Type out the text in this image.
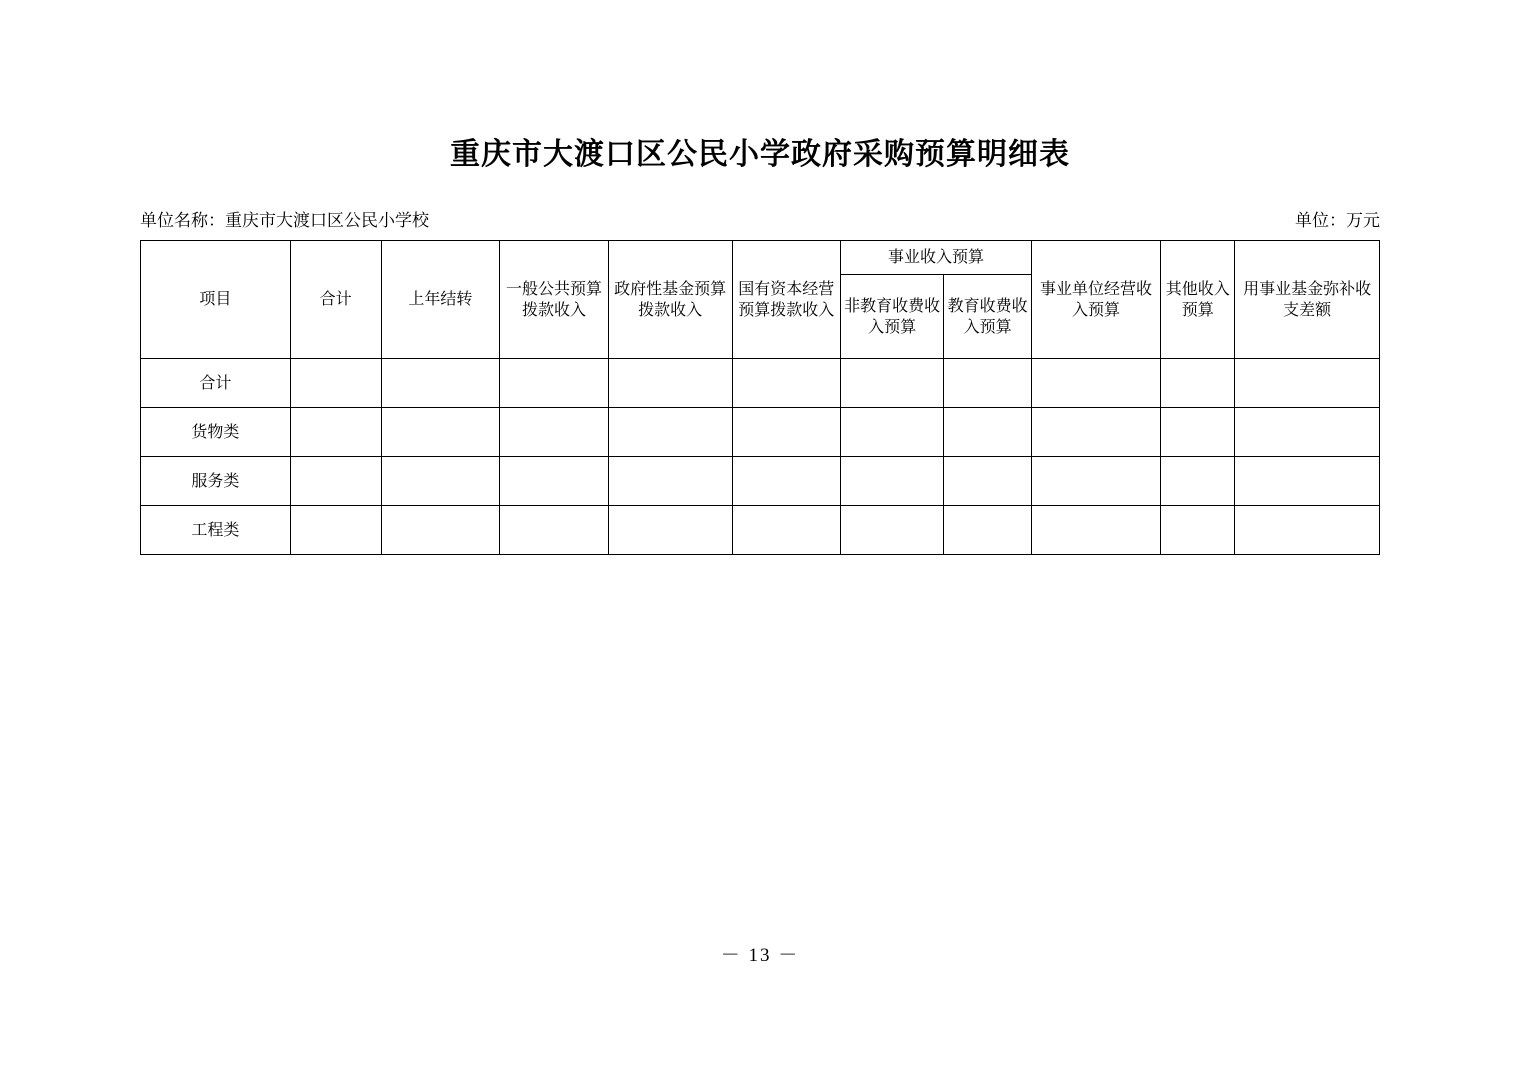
重庆市大渡口区公民小学政府采购预算明细表
单位名称：重庆市大渡口区公民小学校	单位：万元
项目	合计	上年结转	一般公共预算拨款收入	政府性基金预算拨款收入	国有资本经营预算拨款收入	事业收入预算		事业单位经营收入预算	其他收入预算	用事业基金弥补收支差额
						非教育收费收入预算	教育收费收入预算			
合计										
货物类										
服务类										
工程类										
－ 13 －
